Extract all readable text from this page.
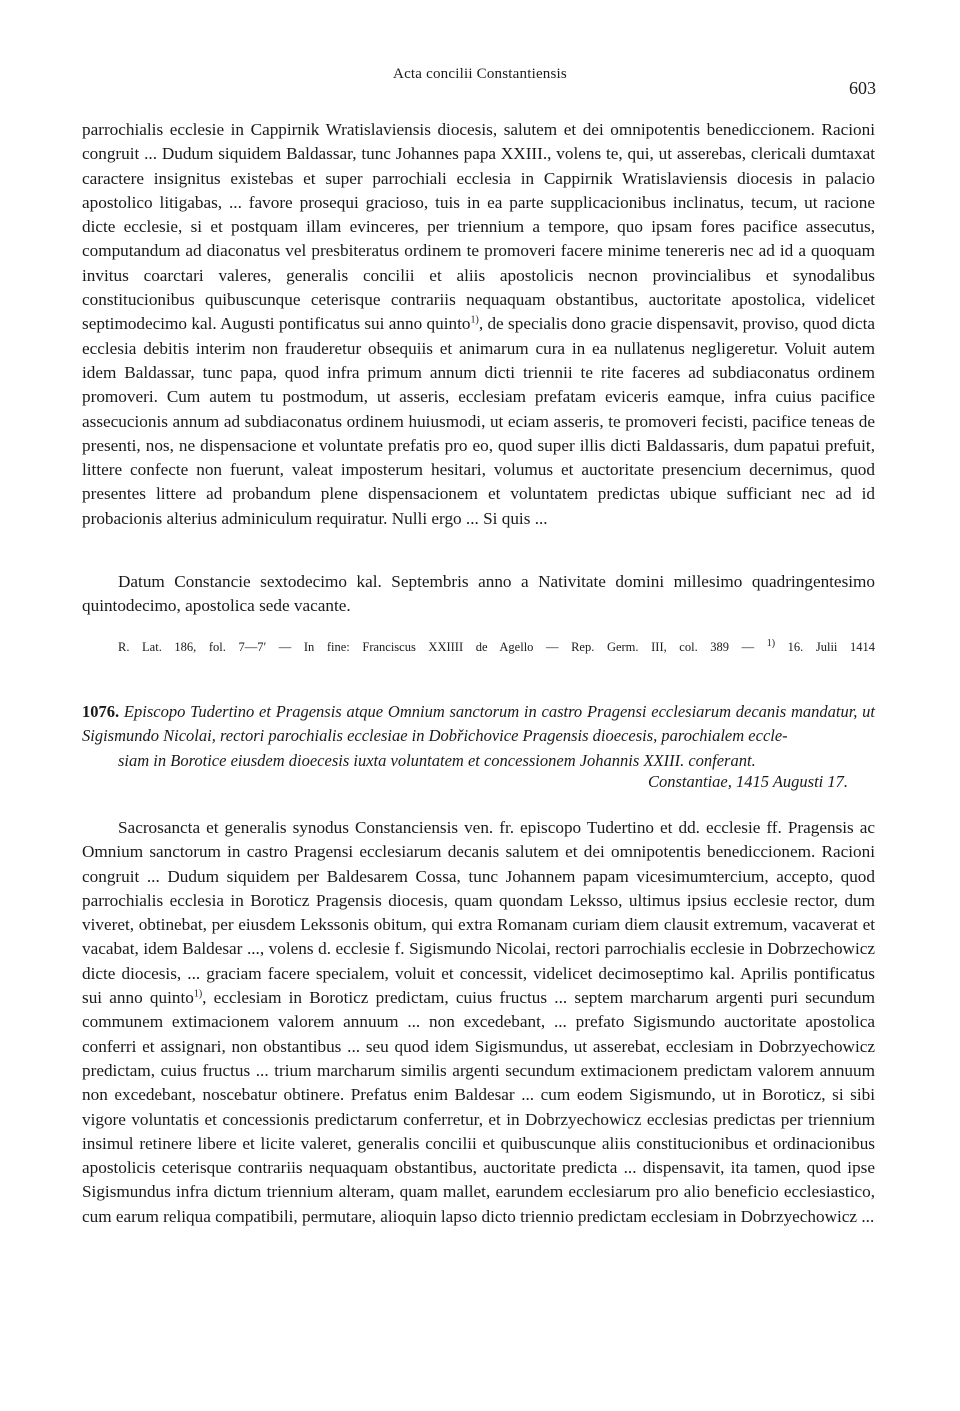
Acta concilii Constantiensis
603
parrochialis ecclesie in Cappirnik Wratislaviensis diocesis, salutem et dei omnipotentis benediccionem. Racioni congruit ... Dudum siquidem Baldassar, tunc Johannes papa XXIII., volens te, qui, ut asserebas, clericali dumtaxat caractere insignitus existebas et super parrochiali ecclesia in Cappirnik Wratislaviensis diocesis in palacio apostolico litigabas, ... favore prosequi gracioso, tuis in ea parte supplicacionibus inclinatus, tecum, ut racione dicte ecclesie, si et postquam illam evinceres, per triennium a tempore, quo ipsam fores pacifice assecutus, computandum ad diaconatus vel presbiteratus ordinem te promoveri facere minime tenereris nec ad id a quoquam invitus coarctari valeres, generalis concilii et aliis apostolicis necnon provincialibus et synodalibus constitucionibus quibuscunque ceterisque contrariis nequaquam obstantibus, auctoritate apostolica, videlicet septimodecimo kal. Augusti pontificatus sui anno quinto$^{1)}$, de specialis dono gracie dispensavit, proviso, quod dicta ecclesia debitis interim non frauderetur obsequiis et animarum cura in ea nullatenus negligeretur. Voluit autem idem Baldassar, tunc papa, quod infra primum annum dicti triennii te rite faceres ad subdiaconatus ordinem promoveri. Cum autem tu postmodum, ut asseris, ecclesiam prefatam eviceris eamque, infra cuius pacifice assecucionis annum ad subdiaconatus ordinem huiusmodi, ut eciam asseris, te promoveri fecisti, pacifice teneas de presenti, nos, ne dispensacione et voluntate prefatis pro eo, quod super illis dicti Baldassaris, dum papatui prefuit, littere confecte non fuerunt, valeat imposterum hesitari, volumus et auctoritate presencium decernimus, quod presentes littere ad probandum plene dispensacionem et voluntatem predictas ubique sufficiant nec ad id probacionis alterius adminiculum requiratur. Nulli ergo ... Si quis ...
Datum Constancie sextodecimo kal. Septembris anno a Nativitate domini millesimo quadringentesimo quintodecimo, apostolica sede vacante.
R. Lat. 186, fol. 7—7′ — In fine: Franciscus XXIIII de Agello — Rep. Germ. III, col. 389 — $^{1)}$ 16. Julii 1414
1076. Episcopo Tudertino et Pragensis atque Omnium sanctorum in castro Pragensi ecclesiarum decanis mandatur, ut Sigismundo Nicolai, rectori parochialis ecclesiae in Dobřichovice Pragensis dioecesis, parochialem eccle-
siam in Borotice eiusdem dioecesis iuxta voluntatem et concessionem Johannis XXIII. conferant.
Constantiae, 1415 Augusti 17.
Sacrosancta et generalis synodus Constanciensis ven. fr. episcopo Tudertino et dd. ecclesie ff. Pragensis ac Omnium sanctorum in castro Pragensi ecclesiarum decanis salutem et dei omnipotentis benediccionem. Racioni congruit ... Dudum siquidem per Baldesarem Cossa, tunc Johannem papam vicesimumtercium, accepto, quod parrochialis ecclesia in Boroticz Pragensis diocesis, quam quondam Leksso, ultimus ipsius ecclesie rector, dum viveret, obtinebat, per eiusdem Lekssonis obitum, qui extra Romanam curiam diem clausit extremum, vacaverat et vacabat, idem Baldesar ..., volens d. ecclesie f. Sigismundo Nicolai, rectori parrochialis ecclesie in Dobrzechowicz dicte diocesis, ... graciam facere specialem, voluit et concessit, videlicet decimoseptimo kal. Aprilis pontificatus sui anno quinto$^{1)}$, ecclesiam in Boroticz predictam, cuius fructus ... septem marcharum argenti puri secundum communem extimacionem valorem annuum ... non excedebant, ... prefato Sigismundo auctoritate apostolica conferri et assignari, non obstantibus ... seu quod idem Sigismundus, ut asserebat, ecclesiam in Dobrzyechowicz predictam, cuius fructus ... trium marcharum similis argenti secundum extimacionem predictam valorem annuum non excedebant, noscebatur obtinere. Prefatus enim Baldesar ... cum eodem Sigismundo, ut in Boroticz, si sibi vigore voluntatis et concessionis predictarum conferretur, et in Dobrzyechowicz ecclesias predictas per triennium insimul retinere libere et licite valeret, generalis concilii et quibuscunque aliis constitucionibus et ordinacionibus apostolicis ceterisque contrariis nequaquam obstantibus, auctoritate predicta ... dispensavit, ita tamen, quod ipse Sigismundus infra dictum triennium alteram, quam mallet, earundem ecclesiarum pro alio beneficio ecclesiastico, cum earum reliqua compatibili, permutare, alioquin lapso dicto triennio predictam ecclesiam in Dobrzyechowicz ...
